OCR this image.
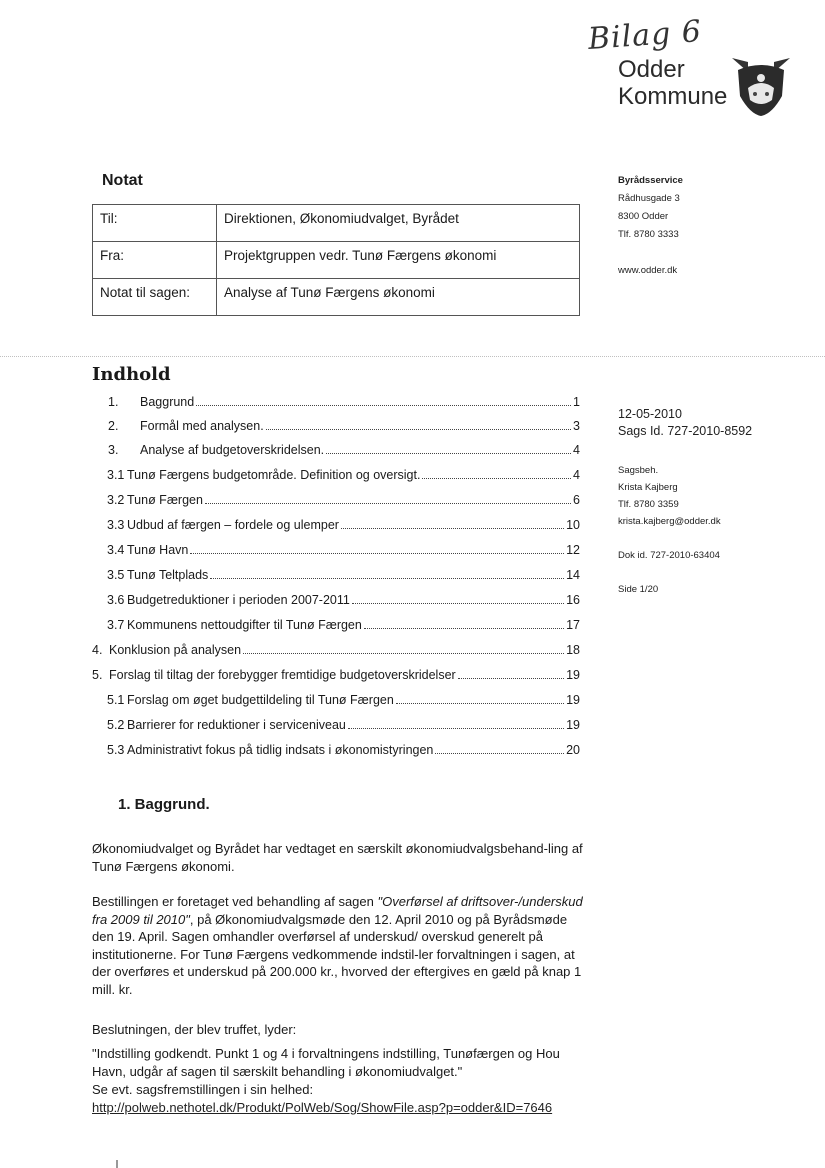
Bilag 6
Odder
Kommune
Notat
Til:	Direktionen, Økonomiudvalget, Byrådet
Fra:	Projektgruppen vedr. Tunø Færgens økonomi
Notat til sagen:	Analyse af Tunø Færgens økonomi
Byrådsservice
Rådhusgade 3
8300 Odder
Tlf. 8780 3333
www.odder.dk
Indhold
1.	Baggrund	1
2.	Formål med analysen.	3
3.	Analyse af budgetoverskridelsen.	4
3.1 Tunø Færgens budgetområde. Definition og oversigt.	4
3.2 Tunø Færgen	6
3.3 Udbud af færgen – fordele og ulemper	10
3.4 Tunø Havn	12
3.5 Tunø Teltplads	14
3.6 Budgetreduktioner i perioden 2007-2011	16
3.7 Kommunens nettoudgifter til Tunø Færgen	17
4. Konklusion på analysen	18
5. Forslag til tiltag der forebygger fremtidige budgetoverskridelser	19
5.1 Forslag om øget budgettildeling til Tunø Færgen	19
5.2 Barrierer for reduktioner i serviceniveau	19
5.3 Administrativt fokus på tidlig indsats i økonomistyringen	20
12-05-2010
Sags Id. 727-2010-8592
Sagsbeh.
Krista Kajberg
Tlf. 8780 3359
krista.kajberg@odder.dk
Dok id. 727-2010-63404
Side 1/20
1. Baggrund.
Økonomiudvalget og Byrådet har vedtaget en særskilt økonomiudvalgsbehand-ling af Tunø Færgens økonomi.
Bestillingen er foretaget ved behandling af sagen "Overførsel af driftsover-/underskud fra 2009 til 2010", på Økonomiudvalgsmøde den 12. April 2010 og på Byrådsmøde den 19. April. Sagen omhandler overførsel af underskud/ overskud generelt på institutionerne. For Tunø Færgens vedkommende indstil-ler forvaltningen i sagen, at der overføres et underskud på 200.000 kr., hvorved der eftergives en gæld på knap 1 mill. kr.
Beslutningen, der blev truffet, lyder:
"Indstilling godkendt. Punkt 1 og 4 i forvaltningens indstilling, Tunøfærgen og Hou Havn, udgår af sagen til særskilt behandling i økonomiudvalget."
Se evt. sagsfremstillingen i sin helhed:
http://polweb.nethotel.dk/Produkt/PolWeb/Sog/ShowFile.asp?p=odder&ID=7646
